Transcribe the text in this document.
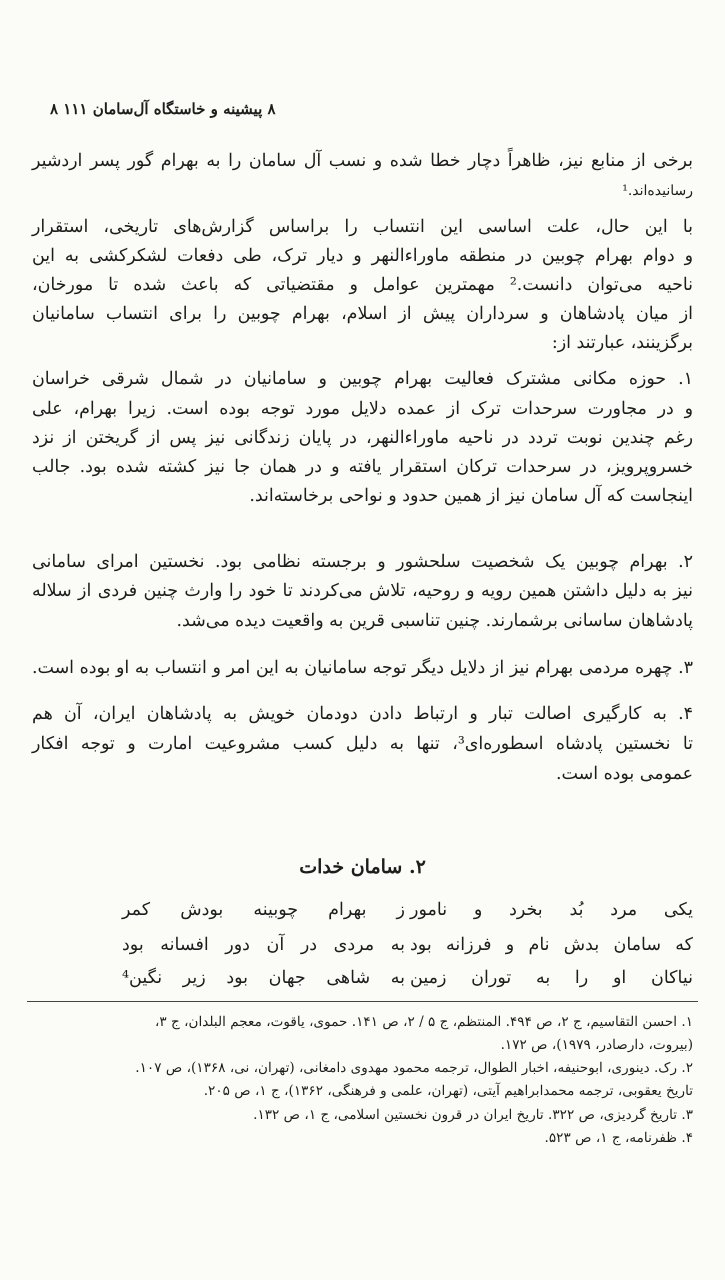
٨ پیشینه و خاستگاه آل‌سامان ١١١ ٨
برخی از منابع نیز، ظاهراً دچار خطا شده و نسب آل سامان را به بهرام گور پسر اردشیر
رسانیده‌اند.¹
با این حال، علت اساسی این انتساب را براساس گزارش‌های تاریخی، استقرار
و دوام بهرام چوبین در منطقه ماوراء‌النهر و دیار ترک، طی دفعات لشکرکشی به این
ناحیه می‌توان دانست.² مهمترین عوامل و مقتضیاتی که باعث شده تا مورخان،
از میان پادشاهان و سرداران پیش از اسلام، بهرام چوبین را برای انتساب سامانیان
برگزینند، عبارتند از:
۱. حوزه مکانی مشترک فعالیت بهرام چوبین و سامانیان در شمال شرقی خراسان
و در مجاورت سرحدات ترک از عمده دلایل مورد توجه بوده است. زیرا بهرام، علی
رغم چندین نوبت تردد در ناحیه ماوراء‌النهر، در پایان زندگانی نیز پس از گریختن از نزد
خسروپرویز، در سرحدات ترکان استقرار یافته و در همان جا نیز کشته شده بود. جالب
اینجاست که آل سامان نیز از همین حدود و نواحی برخاسته‌اند.
۲. بهرام چوبین یک شخصیت سلحشور و برجسته نظامی بود. نخستین امرای سامانی
نیز به دلیل داشتن همین رویه و روحیه، تلاش می‌کردند تا خود را وارث چنین فردی از سلاله
پادشاهان ساسانی برشمارند. چنین تناسبی قرین به واقعیت دیده می‌شد.
۳. چهره مردمی بهرام نیز از دلایل دیگر توجه سامانیان به این امر و انتساب به او بوده است.
۴. به کارگیری اصالت تبار و ارتباط دادن دودمان خویش به پادشاهان ایران، آن هم
تا نخستین پادشاه اسطوره‌ای³، تنها به دلیل کسب مشروعیت امارت و توجه افکار
عمومی بوده است.
۲. سامان خدات
یکی مرد بُد بخرد و نامور
ز بهرام چوبینه بودش کمر
که سامان بدش نام و فرزانه بود
به مردی در آن دور افسانه بود
نیاکان او را به توران زمین
به شاهی جهان بود زیر نگین⁴
۱. احسن التقاسیم، ج ۲، ص ۴۹۴. المنتظم، ج ۵ / ۲، ص ۱۴۱. حموی، یاقوت، معجم البلدان، ج ۳،
(بیروت، دارصادر، ۱۹۷۹)، ص ۱۷۲.
۲. رک. دینوری، ابوحنیفه، اخبار الطوال، ترجمه محمود مهدوی دامغانی، (تهران، نی، ۱۳۶۸)، ص ۱۰۷.
تاریخ یعقوبی، ترجمه محمدابراهیم آیتی، (تهران، علمی و فرهنگی، ۱۳۶۲)، ج ۱، ص ۲۰۵.
۳. تاریخ گردیزی، ص ۳۲۲. تاریخ ایران در قرون نخستین اسلامی، ج ۱، ص ۱۳۲.
۴. ظفرنامه، ج ۱، ص ۵۲۳.
